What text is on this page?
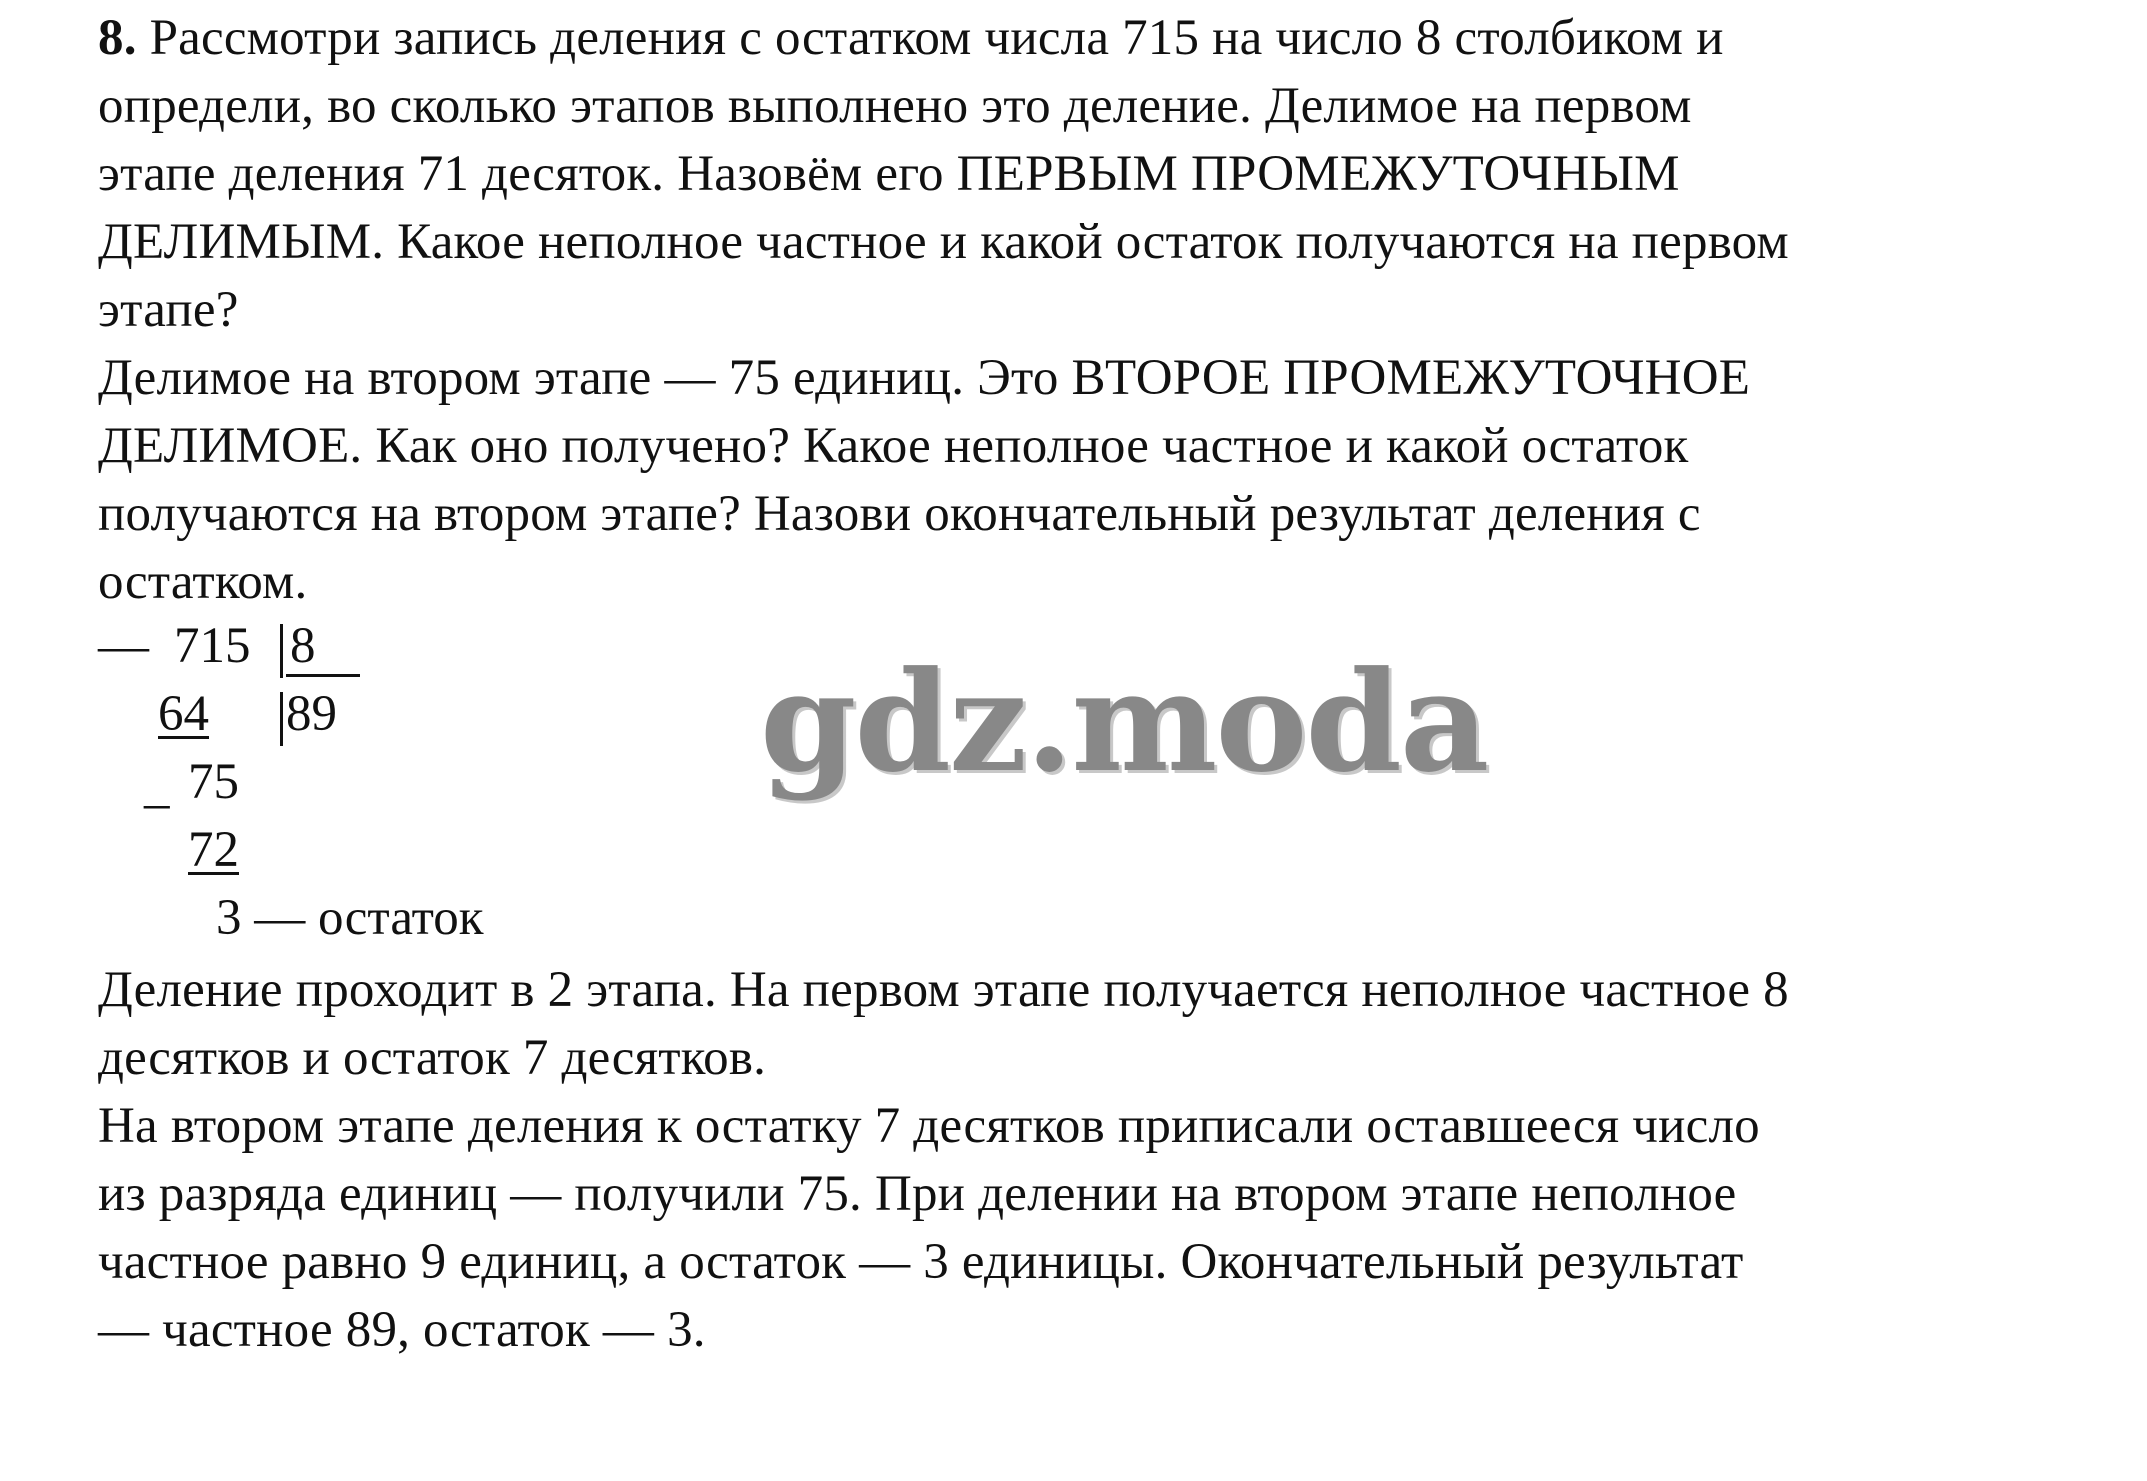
8. Рассмотри запись деления с остатком числа 715 на число 8 столбиком и
определи, во сколько этапов выполнено это деление. Делимое на первом
этапе деления 71 десяток. Назовём его ПЕРВЫМ ПРОМЕЖУТОЧНЫМ
ДЕЛИМЫМ. Какое неполное частное и какой остаток получаются на первом
этапе?
Делимое на втором этапе — 75 единиц. Это ВТОРОЕ ПРОМЕЖУТОЧНОЕ
ДЕЛИМОЕ. Как оно получено? Какое неполное частное и какой остаток
получаются на втором этапе? Назови окончательный результат деления с
остатком.
— 715 8
64 89
_ 75
72
3 — остаток
gdz.moda
Деление проходит в 2 этапа. На первом этапе получается неполное частное 8
десятков и остаток 7 десятков.
На втором этапе деления к остатку 7 десятков приписали оставшееся число
из разряда единиц — получили 75. При делении на втором этапе неполное
частное равно 9 единиц, а остаток — 3 единицы. Окончательный результат
— частное 89, остаток — 3.
